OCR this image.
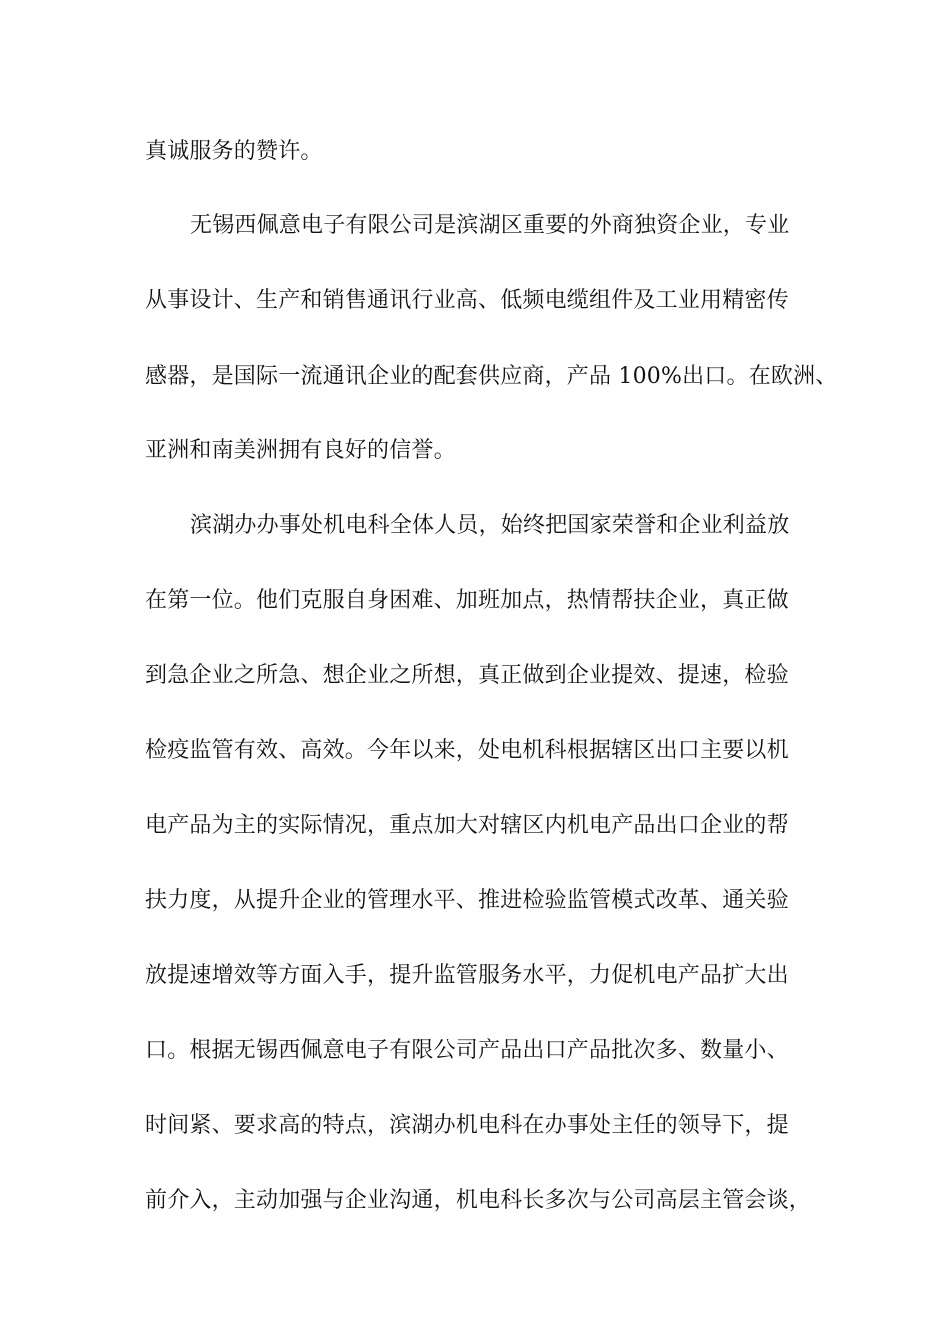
真诚服务的赞许。

无锡西佩意电子有限公司是滨湖区重要的外商独资企业，专业

从事设计、生产和销售通讯行业高、低频电缆组件及工业用精密传

感器，是国际一流通讯企业的配套供应商，产品 100%出口。在欧洲、

亚洲和南美洲拥有良好的信誉。

滨湖办办事处机电科全体人员，始终把国家荣誉和企业利益放

在第一位。他们克服自身困难、加班加点，热情帮扶企业，真正做

到急企业之所急、想企业之所想，真正做到企业提效、提速，检验

检疫监管有效、高效。今年以来，处电机科根据辖区出口主要以机

电产品为主的实际情况，重点加大对辖区内机电产品出口企业的帮

扶力度，从提升企业的管理水平、推进检验监管模式改革、通关验

放提速增效等方面入手，提升监管服务水平，力促机电产品扩大出

口。根据无锡西佩意电子有限公司产品出口产品批次多、数量小、

时间紧、要求高的特点，滨湖办机电科在办事处主任的领导下，提

前介入，主动加强与企业沟通，机电科长多次与公司高层主管会谈，
